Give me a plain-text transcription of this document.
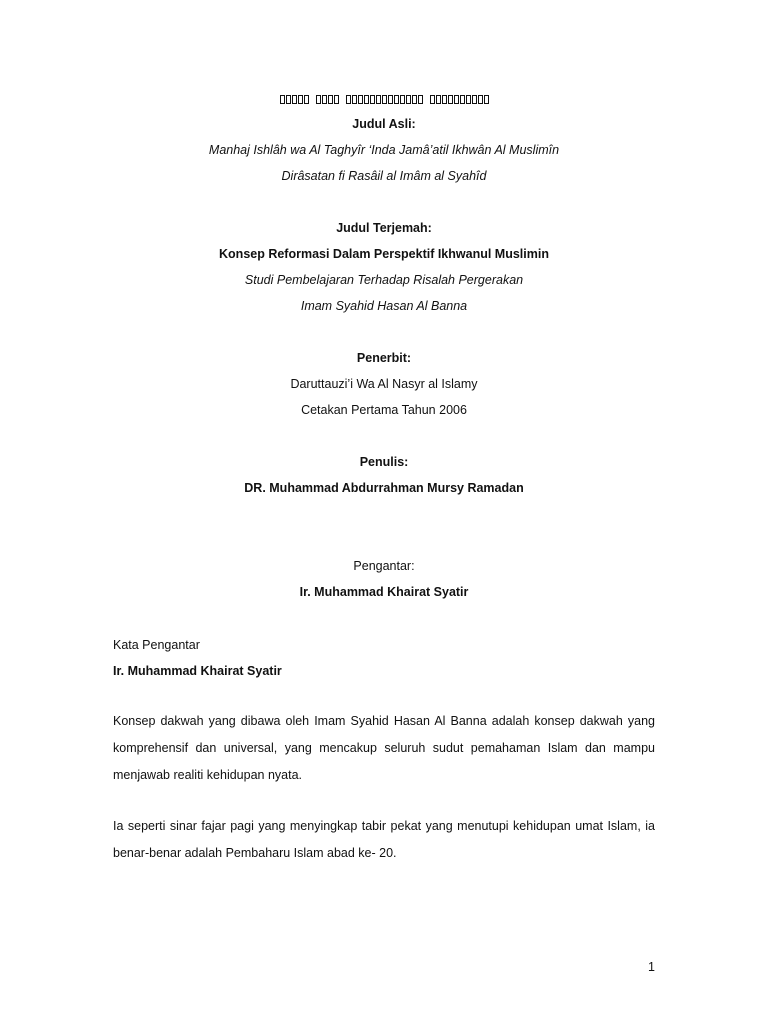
Judul Asli:
Manhaj Ishlâh wa Al Taghyîr ‘Inda Jamâ’atil Ikhwân Al Muslimîn
Dirâsatan fi Rasâil al Imâm al Syahîd
Judul Terjemah:
Konsep Reformasi Dalam Perspektif Ikhwanul Muslimin
Studi Pembelajaran Terhadap Risalah Pergerakan
Imam Syahid Hasan Al Banna
Penerbit:
Daruttauzi’i Wa Al Nasyr al Islamy
Cetakan Pertama Tahun 2006
Penulis:
DR. Muhammad Abdurrahman Mursy Ramadan
Pengantar:
Ir. Muhammad Khairat Syatir
Kata Pengantar
Ir. Muhammad Khairat Syatir
Konsep dakwah yang dibawa oleh Imam Syahid Hasan Al Banna adalah konsep dakwah yang
komprehensif dan universal, yang mencakup seluruh sudut pemahaman Islam dan mampu
menjawab realiti kehidupan nyata.
Ia seperti sinar fajar pagi yang menyingkap tabir pekat yang menutupi kehidupan umat Islam, ia
benar-benar adalah Pembaharu Islam abad ke- 20.
1
